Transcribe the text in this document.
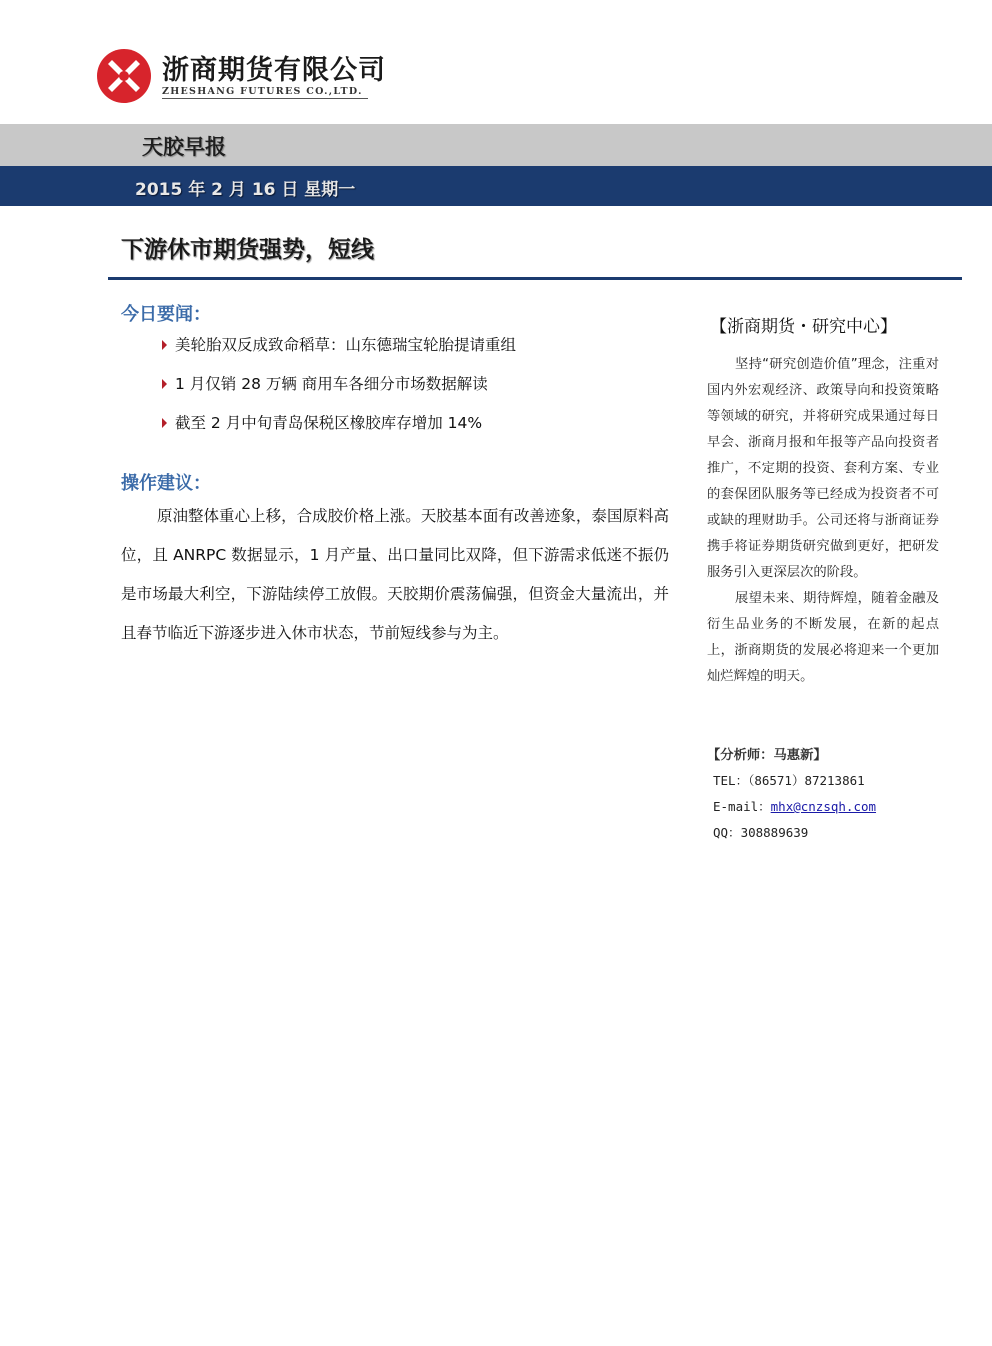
浙商期货有限公司
ZHESHANG FUTURES CO.,LTD.
天胶早报
2015 年 2 月 16 日 星期一
下游休市期货强势，短线
今日要闻：
美轮胎双反成致命稻草：山东德瑞宝轮胎提请重组
1 月仅销 28 万辆 商用车各细分市场数据解读
截至 2 月中旬青岛保税区橡胶库存增加 14%
操作建议：

原油整体重心上移，合成胶价格上涨。天胶基本面有改善迹象，泰国原料高位，且 ANRPC 数据显示，1 月产量、出口量同比双降，但下游需求低迷不振仍是市场最大利空，下游陆续停工放假。天胶期价震荡偏强，但资金大量流出，并且春节临近下游逐步进入休市状态，节前短线参与为主。

【浙商期货・研究中心】

坚持“研究创造价值”理念，注重对国内外宏观经济、政策导向和投资策略等领域的研究，并将研究成果通过每日早会、浙商月报和年报等产品向投资者推广，不定期的投资、套利方案、专业的套保团队服务等已经成为投资者不可或缺的理财助手。公司还将与浙商证券携手将证券期货研究做到更好，把研发服务引入更深层次的阶段。

展望未来、期待辉煌，随着金融及衍生品业务的不断发展，在新的起点上，浙商期货的发展必将迎来一个更加灿烂辉煌的明天。

【分析师：马惠新】
TEL：（86571）87213861
E-mail：mhx@cnzsqh.com
QQ：308889639
